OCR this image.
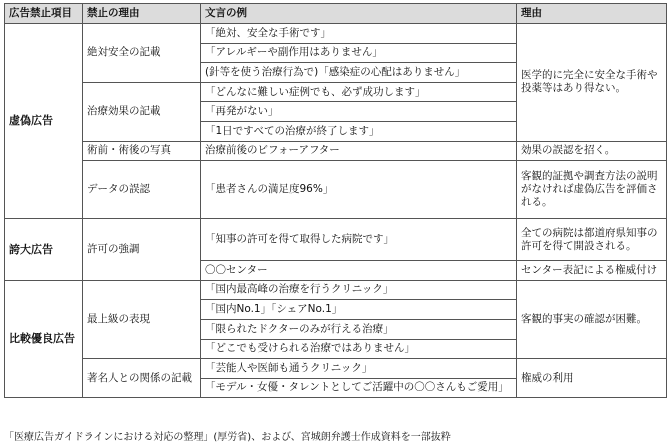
広告禁止項目	禁止の理由	文言の例	理由
虚偽広告	絶対安全の記載	「絶対、安全な手術です」	医学的に完全に安全な手術や投薬等はあり得ない。
		「アレルギーや副作用はありません」	
		(針等を使う治療行為で)「感染症の心配はありません」	
	治療効果の記載	「どんなに難しい症例でも、必ず成功します」	
		「再発がない」	
		「1日ですべての治療が終了します」	
	術前・術後の写真	治療前後のビフォーアフター	効果の誤認を招く。
	データの誤認	「患者さんの満足度96%」	客観的証拠や調査方法の説明がなければ虚偽広告を評価される。
誇大広告	許可の強調	「知事の許可を得て取得した病院です」	全ての病院は都道府県知事の許可を得て開設される。
		〇〇センター	センター表記による権威付け
比較優良広告	最上級の表現	「国内最高峰の治療を行うクリニック」	客観的事実の確認が困難。
		「国内No.1」「シェアNo.1」	
		「限られたドクターのみが行える治療」	
		「どこでも受けられる治療ではありません」	
	著名人との関係の記載	「芸能人や医師も通うクリニック」	権威の利用
		「モデル・女優・タレントとしてご活躍中の〇〇さんもご愛用」	
「医療広告ガイドラインにおける対応の整理」(厚労省)、および、宮城朗弁護士作成資料を一部抜粋
